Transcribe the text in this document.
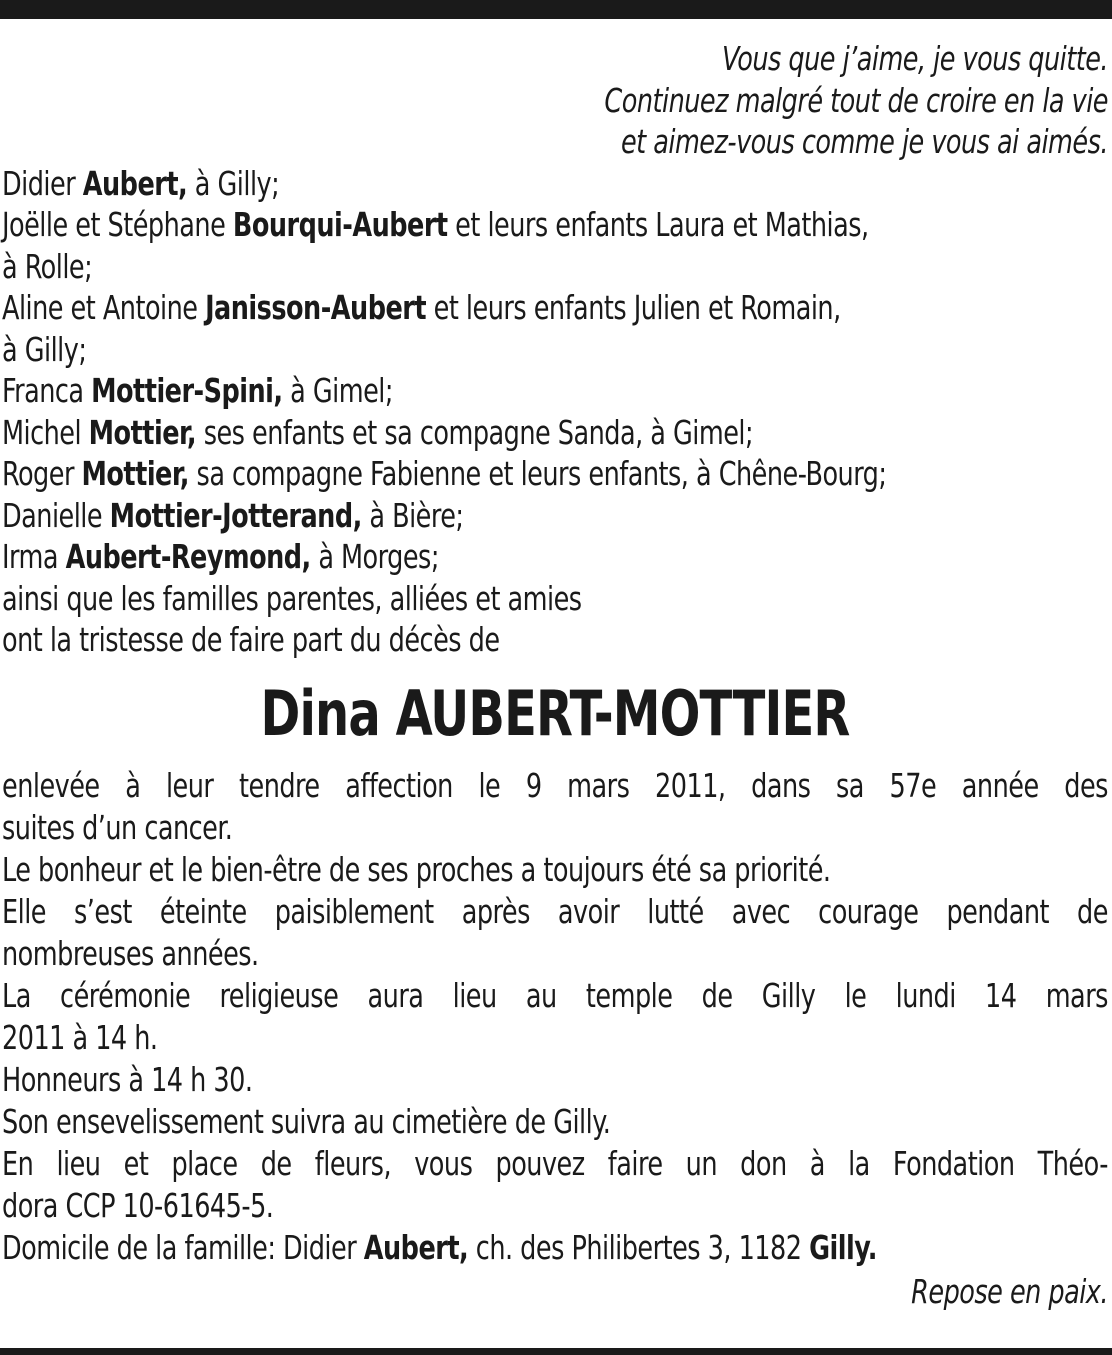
Vous que j’aime, je vous quitte.
Continuez malgré tout de croire en la vie
et aimez-vous comme je vous ai aimés.
Didier Aubert, à Gilly;
Joëlle et Stéphane Bourqui-Aubert et leurs enfants Laura et Mathias,
à Rolle;
Aline et Antoine Janisson-Aubert et leurs enfants Julien et Romain,
à Gilly;
Franca Mottier-Spini, à Gimel;
Michel Mottier, ses enfants et sa compagne Sanda, à Gimel;
Roger Mottier, sa compagne Fabienne et leurs enfants, à Chêne-Bourg;
Danielle Mottier-Jotterand, à Bière;
Irma Aubert-Reymond, à Morges;
ainsi que les familles parentes, alliées et amies
ont la tristesse de faire part du décès de
Dina AUBERT-MOTTIER
enlevée à leur tendre affection le 9 mars 2011, dans sa 57e année des
suites d’un cancer.
Le bonheur et le bien-être de ses proches a toujours été sa priorité.
Elle s’est éteinte paisiblement après avoir lutté avec courage pendant de
nombreuses années.
La cérémonie religieuse aura lieu au temple de Gilly le lundi 14 mars
2011 à 14 h.
Honneurs à 14 h 30.
Son ensevelissement suivra au cimetière de Gilly.
En lieu et place de fleurs, vous pouvez faire un don à la Fondation Théo-
dora CCP 10-61645-5.
Domicile de la famille: Didier Aubert, ch. des Philibertes 3, 1182 Gilly.
Repose en paix.
